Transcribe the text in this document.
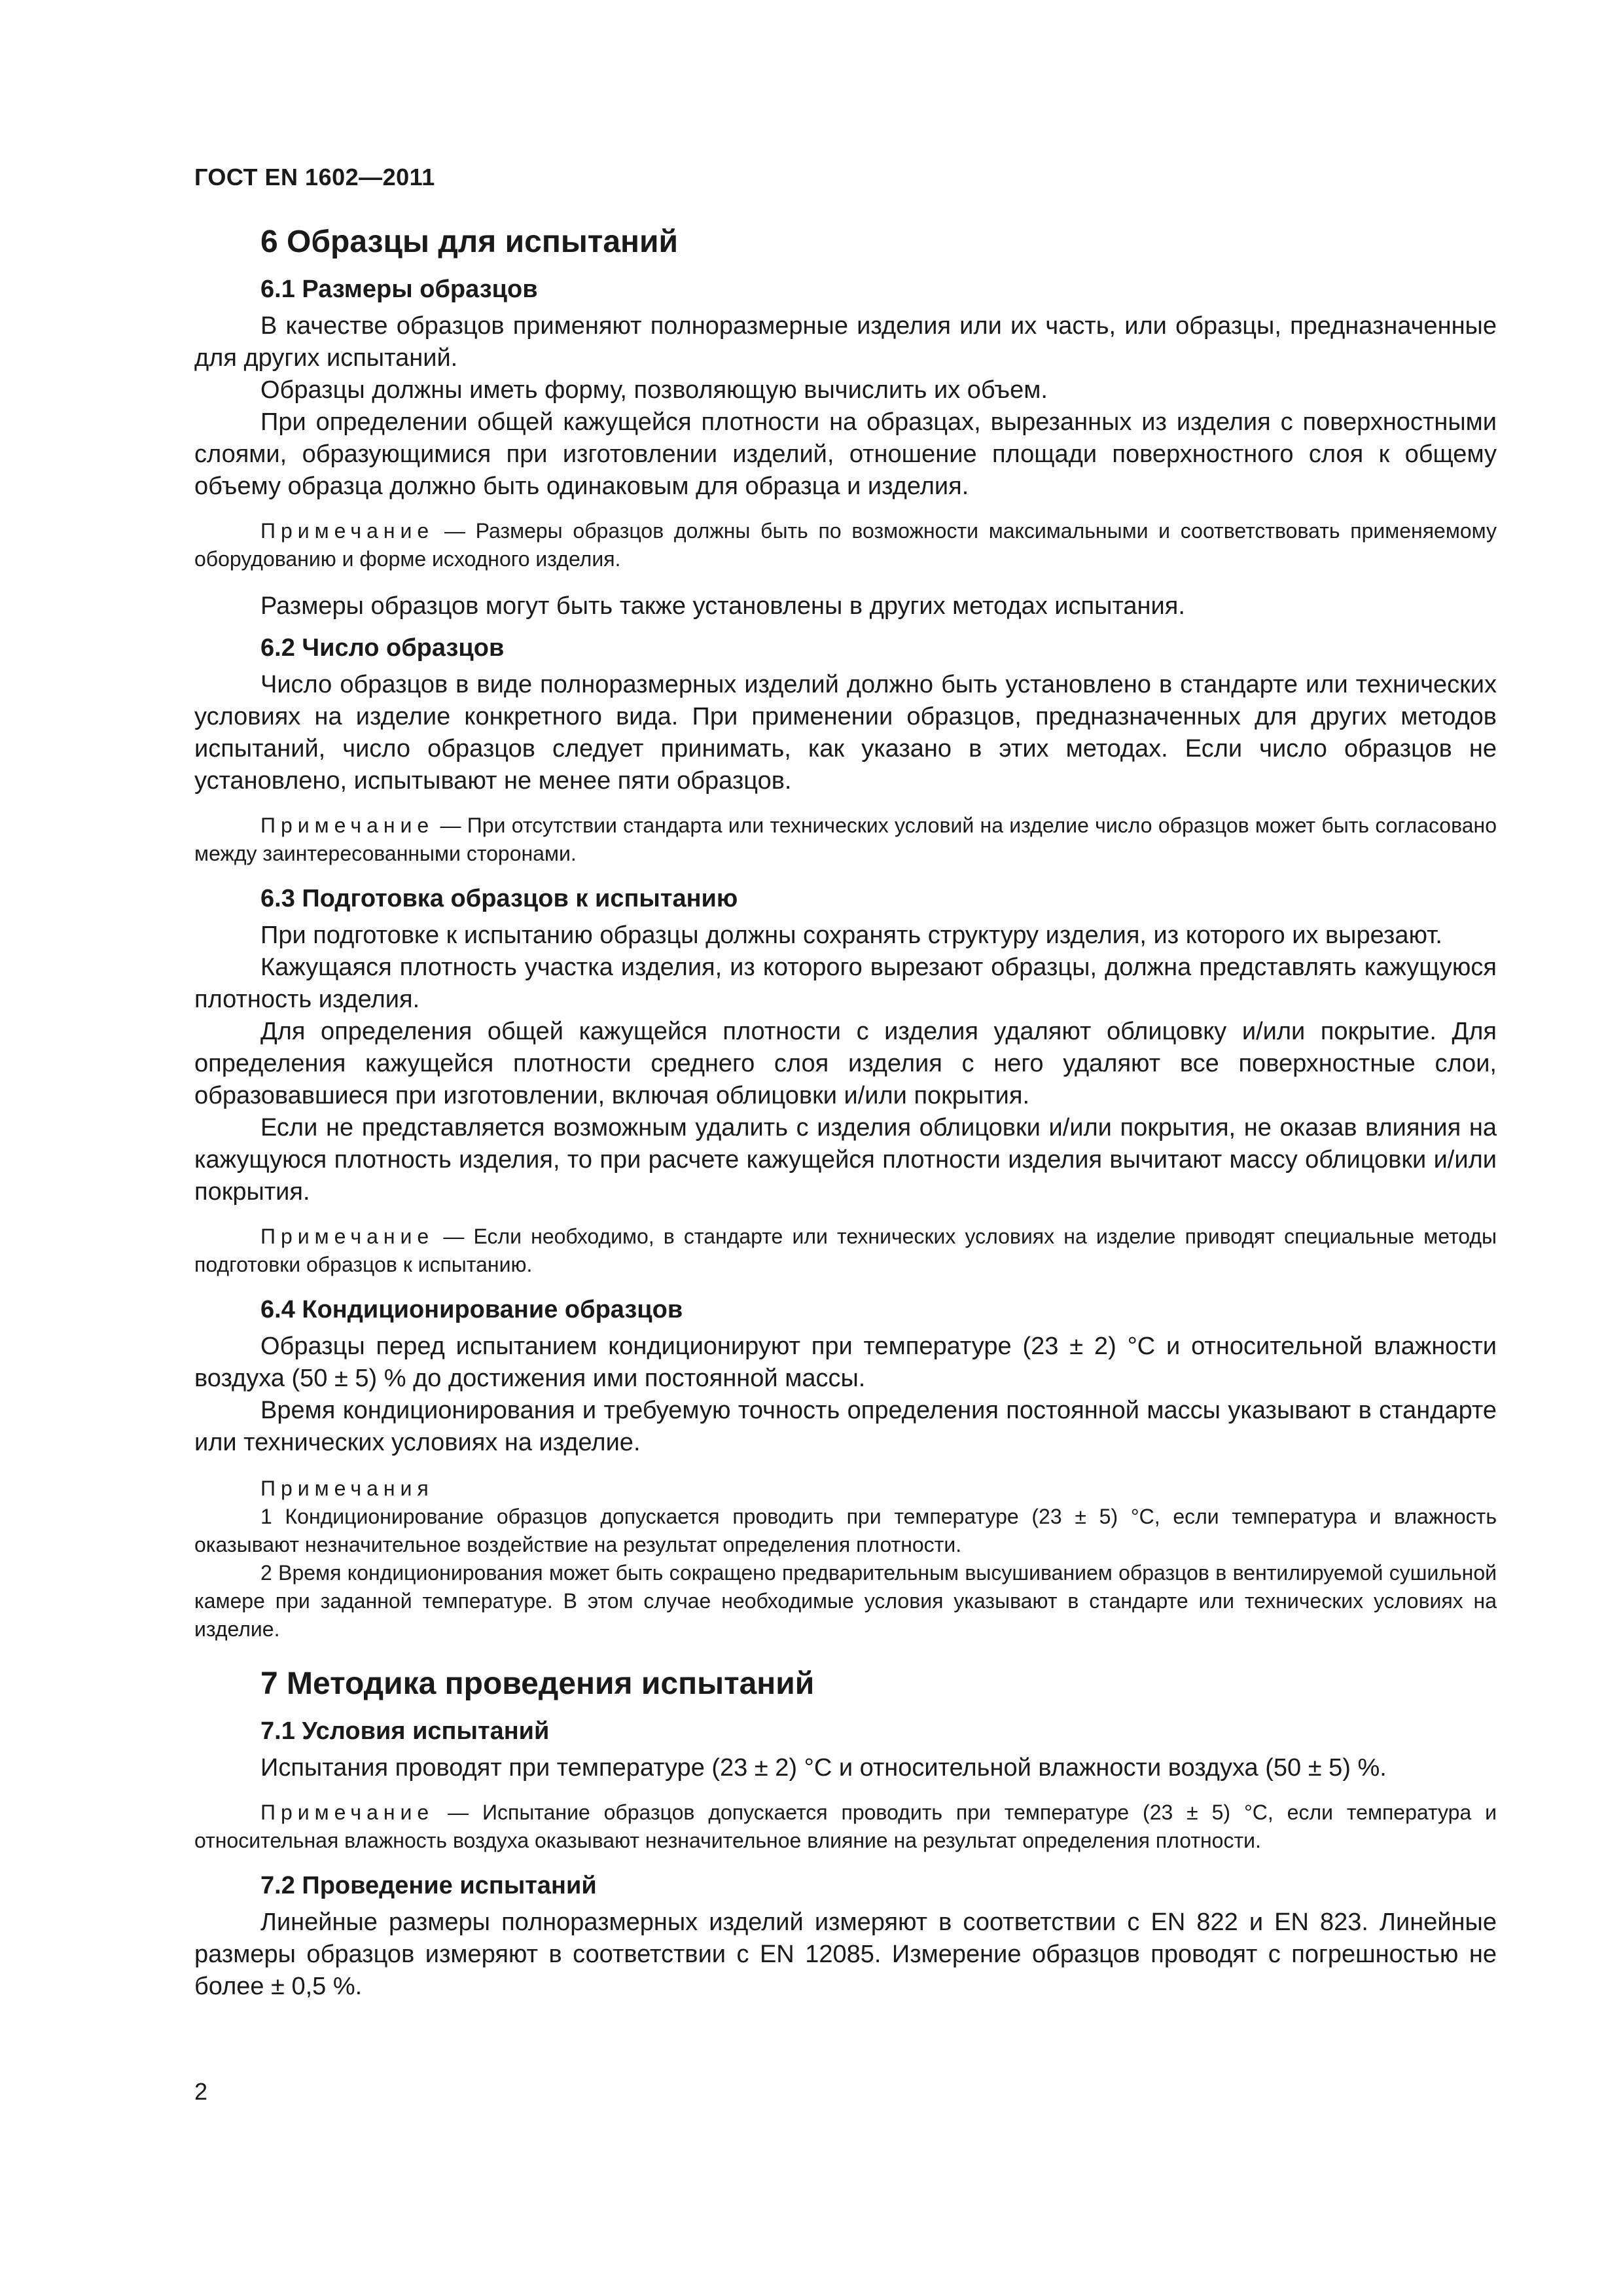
ГОСТ EN 1602—2011
6 Образцы для испытаний
6.1 Размеры образцов

В качестве образцов применяют полноразмерные изделия или их часть, или образцы, предназначенные для других испытаний.

Образцы должны иметь форму, позволяющую вычислить их объем.

При определении общей кажущейся плотности на образцах, вырезанных из изделия с поверхностными слоями, образующимися при изготовлении изделий, отношение площади поверхностного слоя к общему объему образца должно быть одинаковым для образца и изделия.

Примечание — Размеры образцов должны быть по возможности максимальными и соответствовать применяемому оборудованию и форме исходного изделия.

Размеры образцов могут быть также установлены в других методах испытания.

6.2 Число образцов

Число образцов в виде полноразмерных изделий должно быть установлено в стандарте или технических условиях на изделие конкретного вида. При применении образцов, предназначенных для других методов испытаний, число образцов следует принимать, как указано в этих методах. Если число образцов не установлено, испытывают не менее пяти образцов.

Примечание — При отсутствии стандарта или технических условий на изделие число образцов может быть согласовано между заинтересованными сторонами.

6.3 Подготовка образцов к испытанию

При подготовке к испытанию образцы должны сохранять структуру изделия, из которого их вырезают.

Кажущаяся плотность участка изделия, из которого вырезают образцы, должна представлять кажущуюся плотность изделия.

Для определения общей кажущейся плотности с изделия удаляют облицовку и/или покрытие. Для определения кажущейся плотности среднего слоя изделия с него удаляют все поверхностные слои, образовавшиеся при изготовлении, включая облицовки и/или покрытия.

Если не представляется возможным удалить с изделия облицовки и/или покрытия, не оказав влияния на кажущуюся плотность изделия, то при расчете кажущейся плотности изделия вычитают массу облицовки и/или покрытия.

Примечание — Если необходимо, в стандарте или технических условиях на изделие приводят специальные методы подготовки образцов к испытанию.

6.4 Кондиционирование образцов

Образцы перед испытанием кондиционируют при температуре (23 ± 2) °С и относительной влажности воздуха (50 ± 5) % до достижения ими постоянной массы.

Время кондиционирования и требуемую точность определения постоянной массы указывают в стандарте или технических условиях на изделие.

Примечания

1 Кондиционирование образцов допускается проводить при температуре (23 ± 5) °С, если температура и влажность оказывают незначительное воздействие на результат определения плотности.

2 Время кондиционирования может быть сокращено предварительным высушиванием образцов в вентилируемой сушильной камере при заданной температуре. В этом случае необходимые условия указывают в стандарте или технических условиях на изделие.

7 Методика проведения испытаний
7.1 Условия испытаний

Испытания проводят при температуре (23 ± 2) °С и относительной влажности воздуха (50 ± 5) %.

Примечание — Испытание образцов допускается проводить при температуре (23 ± 5) °С, если температура и относительная влажность воздуха оказывают незначительное влияние на результат определения плотности.

7.2 Проведение испытаний

Линейные размеры полноразмерных изделий измеряют в соответствии с EN 822 и EN 823. Линейные размеры образцов измеряют в соответствии с EN 12085. Измерение образцов проводят с погрешностью не более ± 0,5 %.

2
